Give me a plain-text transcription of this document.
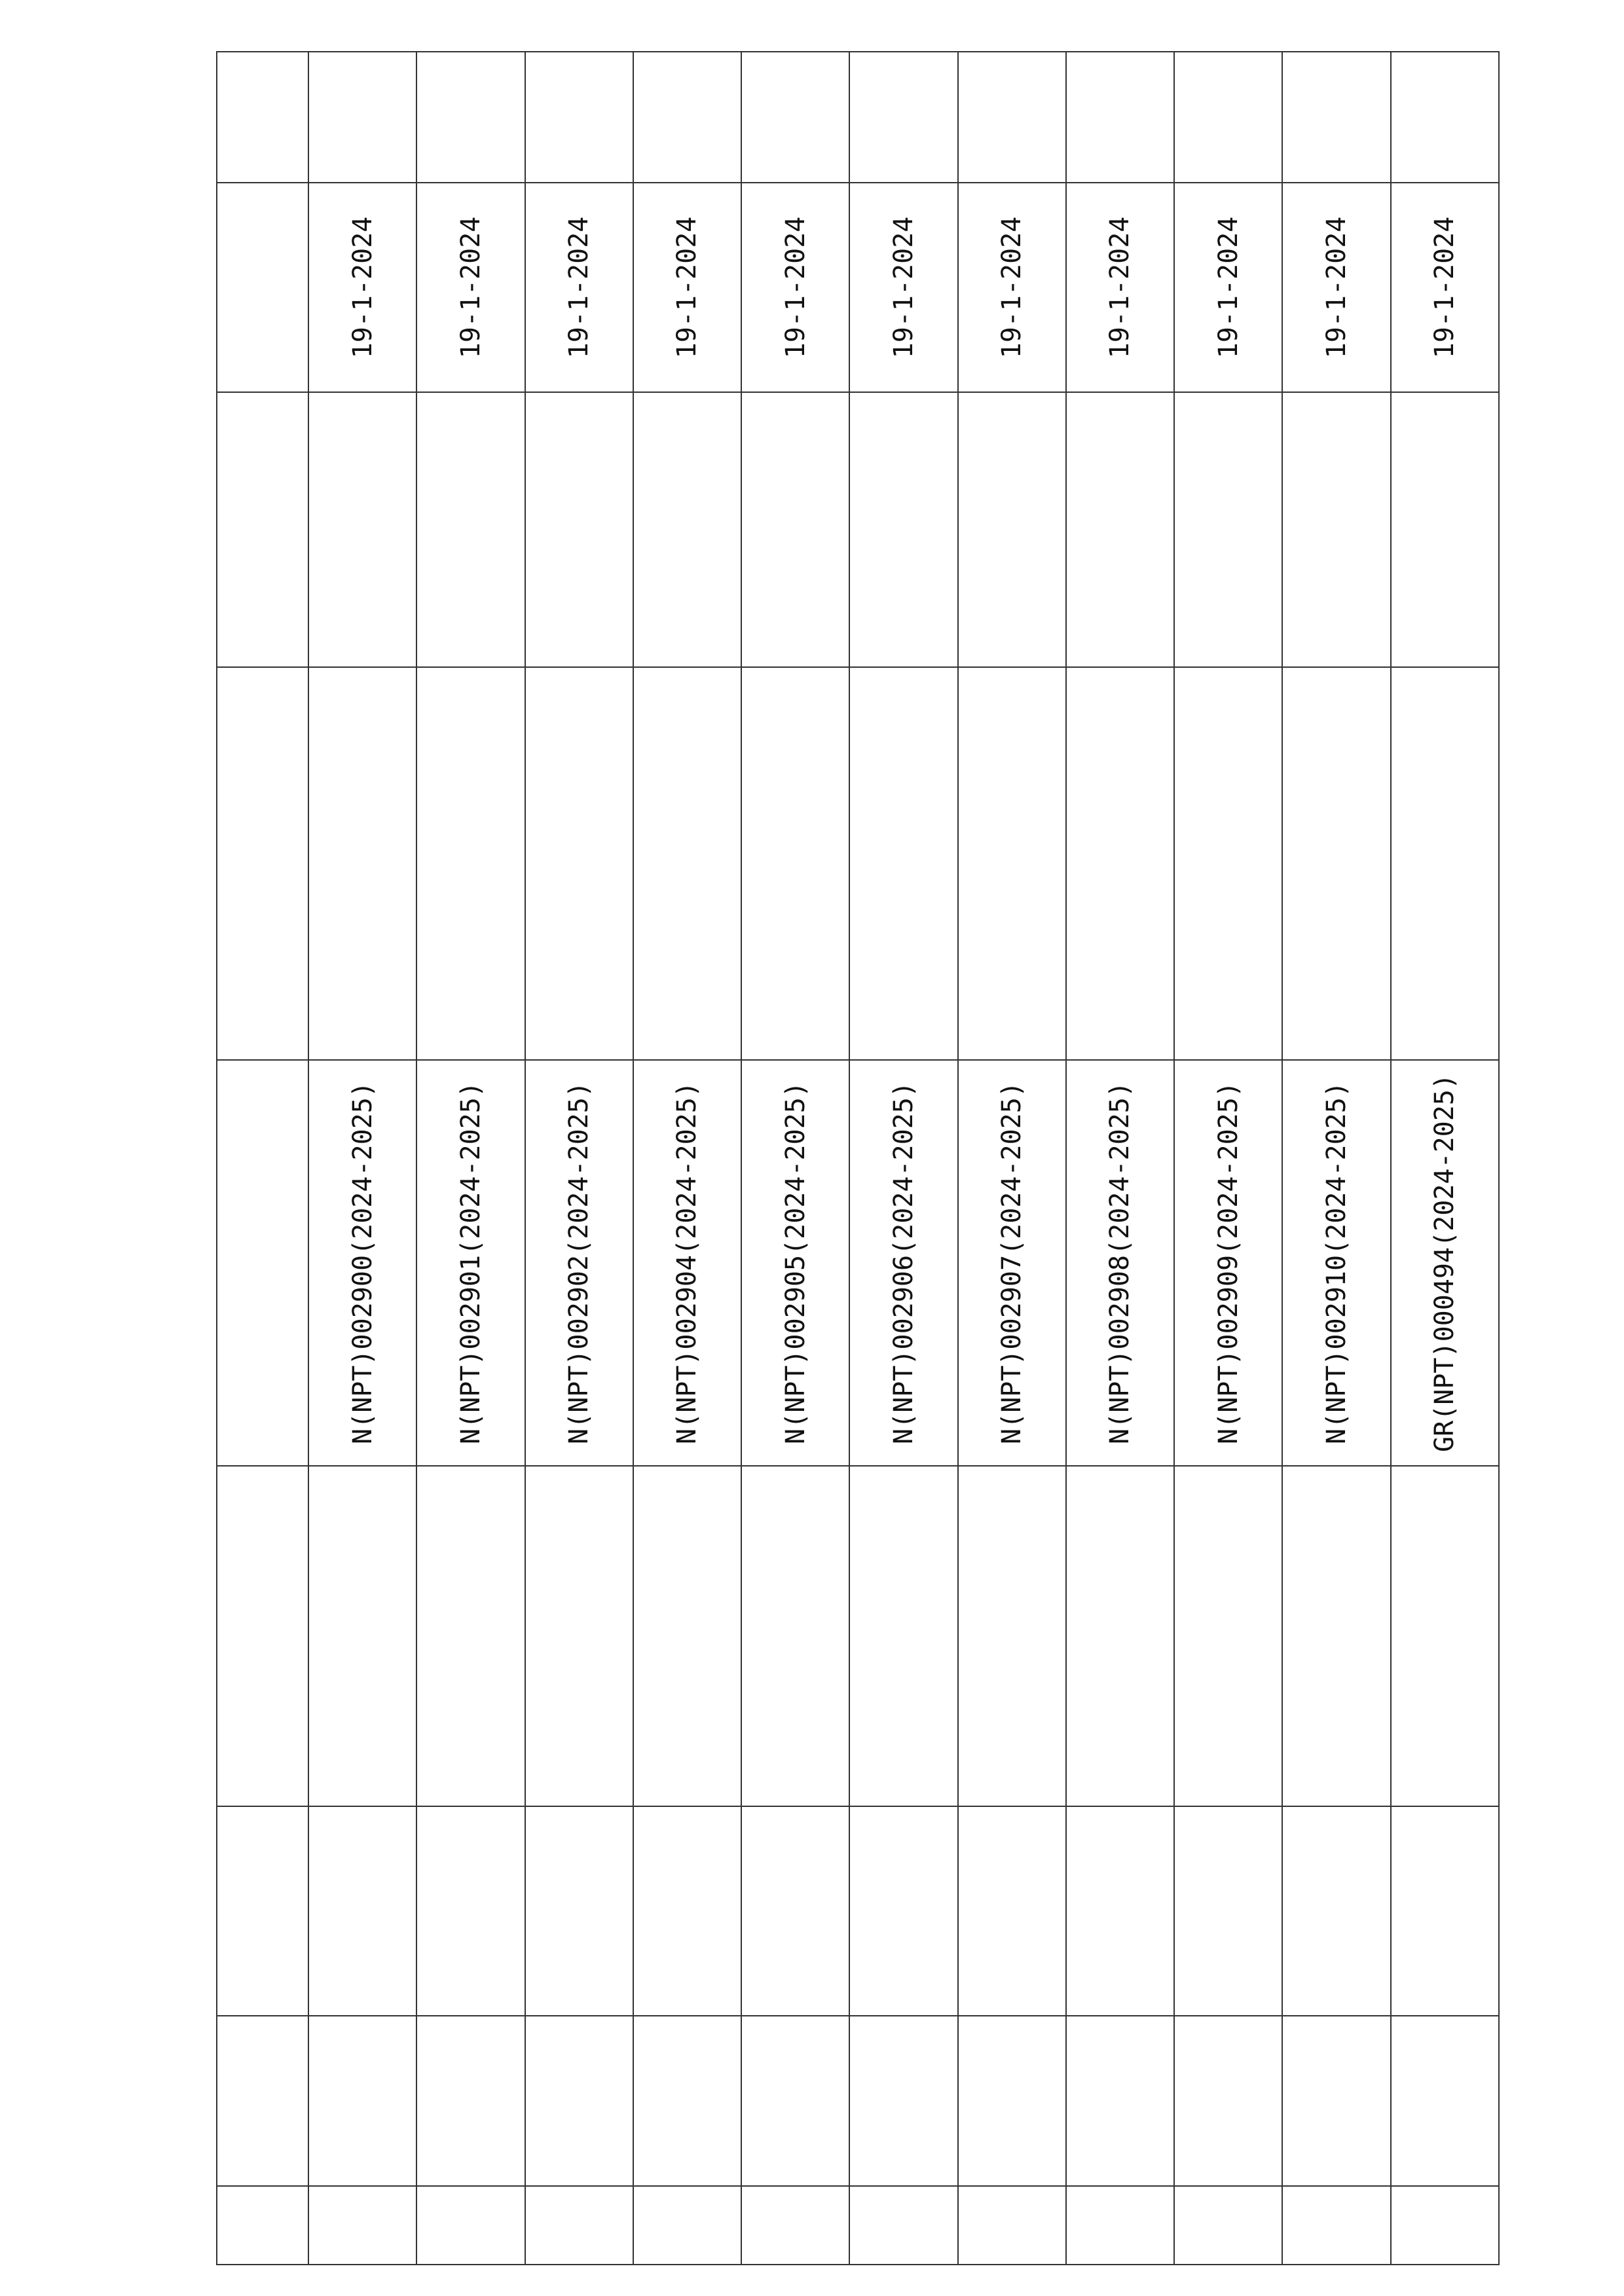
				N(NPT)002900(2024-2025)			19-1-2024	
				N(NPT)002901(2024-2025)			19-1-2024	
				N(NPT)002902(2024-2025)			19-1-2024	
				N(NPT)002904(2024-2025)			19-1-2024	
				N(NPT)002905(2024-2025)			19-1-2024	
				N(NPT)002906(2024-2025)			19-1-2024	
				N(NPT)002907(2024-2025)			19-1-2024	
				N(NPT)002908(2024-2025)			19-1-2024	
				N(NPT)002909(2024-2025)			19-1-2024	
				N(NPT)002910(2024-2025)			19-1-2024	
				GR(NPT)000494(2024-2025)			19-1-2024	
